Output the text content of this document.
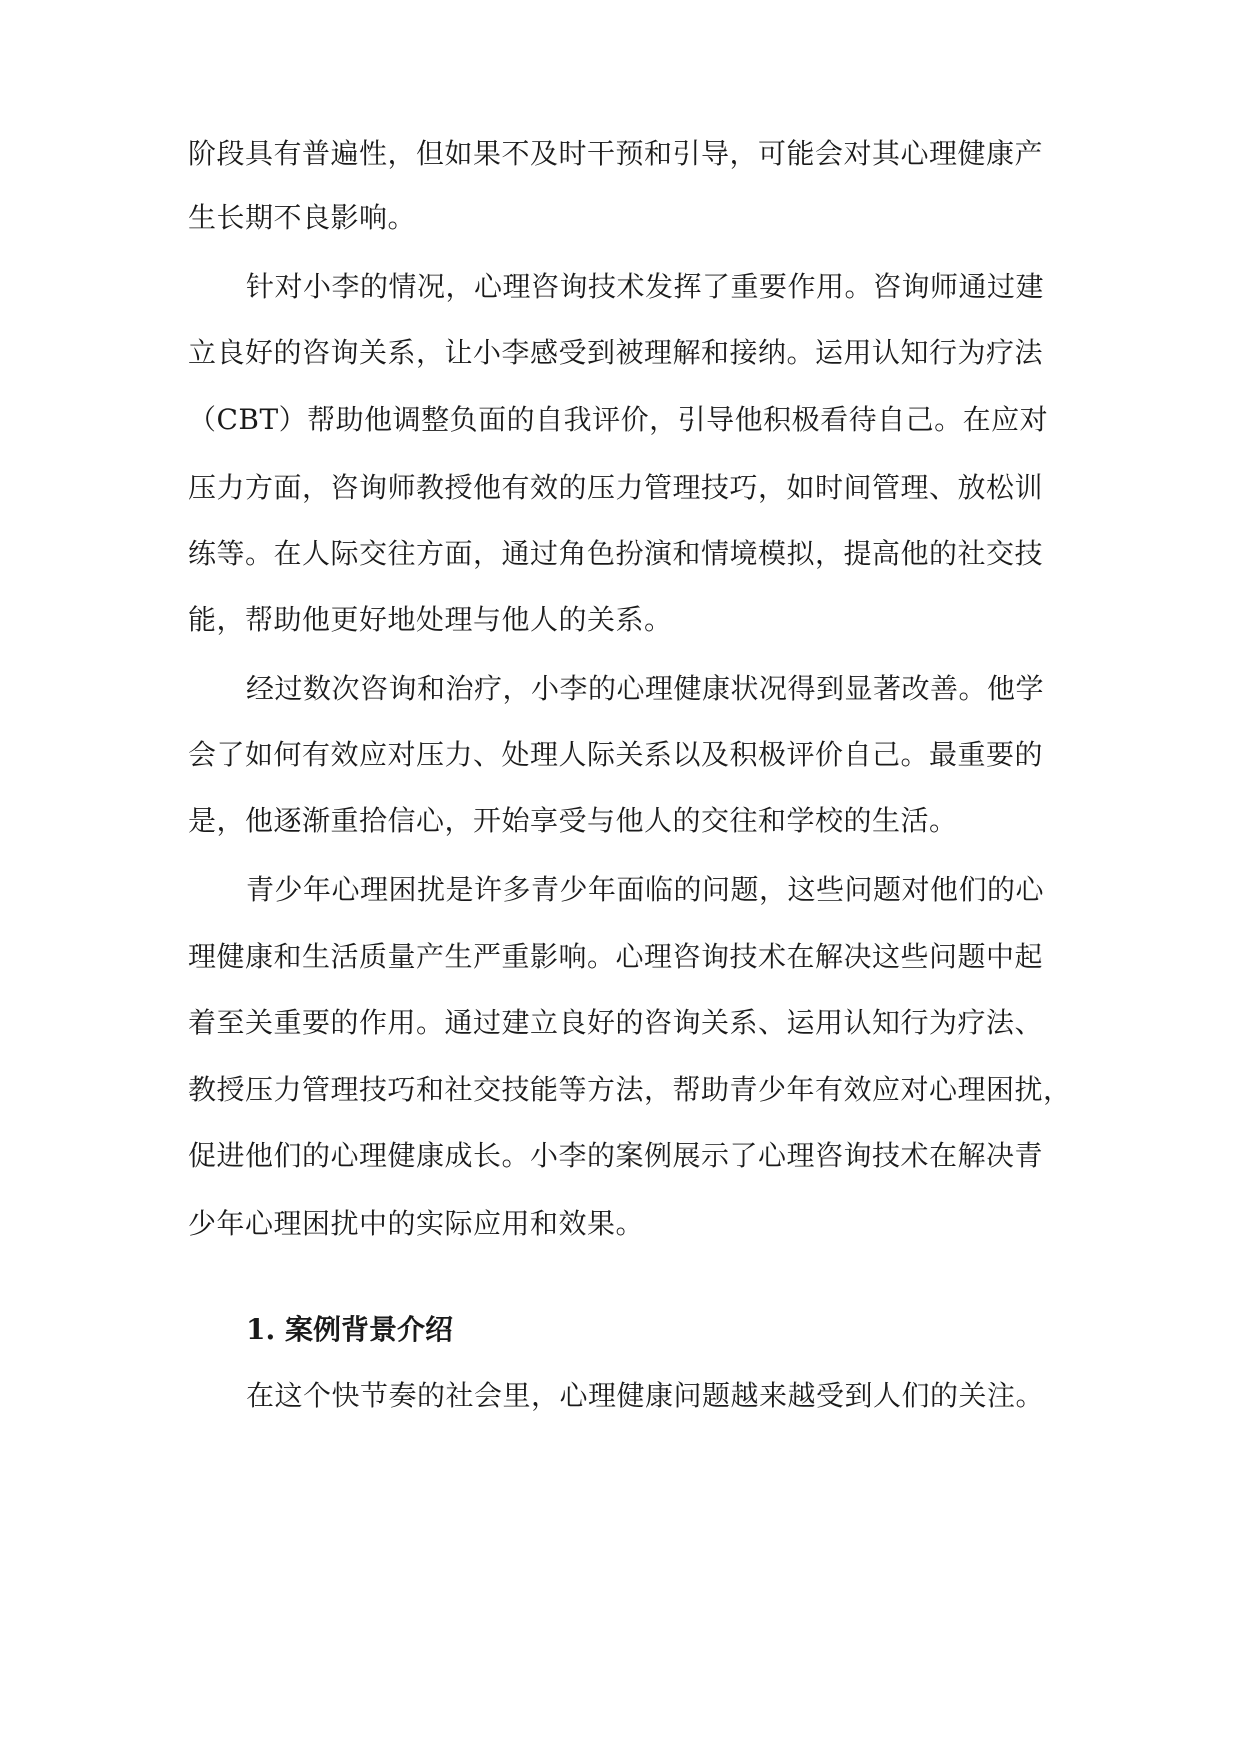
阶段具有普遍性，但如果不及时干预和引导，可能会对其心理健康产
生长期不良影响。
针对小李的情况，心理咨询技术发挥了重要作用。咨询师通过建
立良好的咨询关系，让小李感受到被理解和接纳。运用认知行为疗法
（CBT）帮助他调整负面的自我评价，引导他积极看待自己。在应对
压力方面，咨询师教授他有效的压力管理技巧，如时间管理、放松训
练等。在人际交往方面，通过角色扮演和情境模拟，提高他的社交技
能，帮助他更好地处理与他人的关系。
经过数次咨询和治疗，小李的心理健康状况得到显著改善。他学
会了如何有效应对压力、处理人际关系以及积极评价自己。最重要的
是，他逐渐重拾信心，开始享受与他人的交往和学校的生活。
青少年心理困扰是许多青少年面临的问题，这些问题对他们的心
理健康和生活质量产生严重影响。心理咨询技术在解决这些问题中起
着至关重要的作用。通过建立良好的咨询关系、运用认知行为疗法、
教授压力管理技巧和社交技能等方法，帮助青少年有效应对心理困扰，
促进他们的心理健康成长。小李的案例展示了心理咨询技术在解决青
少年心理困扰中的实际应用和效果。
1. 案例背景介绍
在这个快节奏的社会里，心理健康问题越来越受到人们的关注。
